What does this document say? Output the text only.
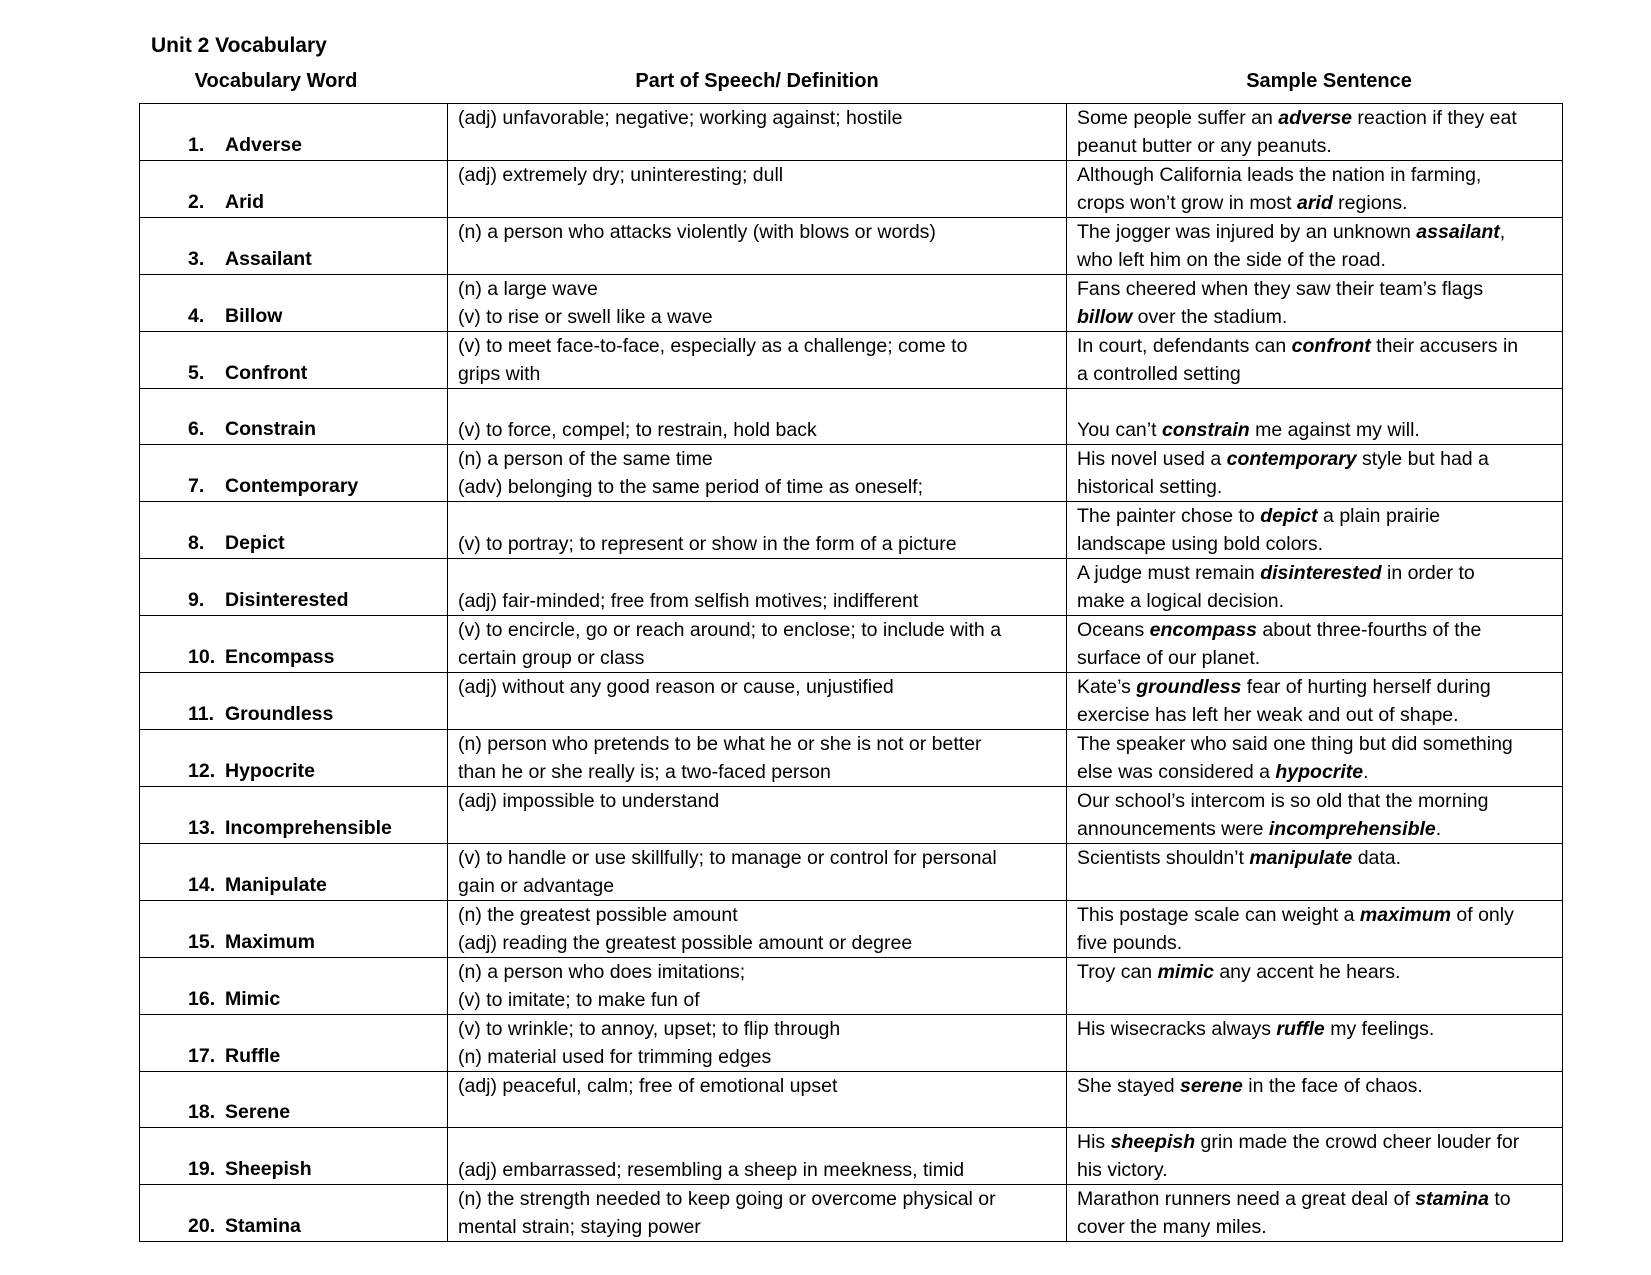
Unit 2 Vocabulary
Vocabulary Word	Part of Speech/ Definition	Sample Sentence
1. Adverse	(adj) unfavorable; negative; working against; hostile	Some people suffer an adverse reaction if they eat
peanut butter or any peanuts.

2. Arid	(adj) extremely dry; uninteresting; dull	Although California leads the nation in farming,
crops won’t grow in most arid regions.

3. Assailant	(n) a person who attacks violently (with blows or words)	The jogger was injured by an unknown assailant,
who left him on the side of the road.

4. Billow	(n) a large wave
(v) to rise or swell like a wave	Fans cheered when they saw their team’s flags
billow over the stadium.

5. Confront	(v) to meet face-to-face, especially as a challenge; come to
grips with	In court, defendants can confront their accusers in
a controlled setting

6. Constrain	(v) to force, compel; to restrain, hold back	You can’t constrain me against my will.

7. Contemporary	(n) a person of the same time
(adv) belonging to the same period of time as oneself;	His novel used a contemporary style but had a
historical setting.

8. Depict	(v) to portray; to represent or show in the form of a picture	The painter chose to depict a plain prairie
landscape using bold colors.

9. Disinterested	(adj) fair-minded; free from selfish motives; indifferent	A judge must remain disinterested in order to
make a logical decision.

10. Encompass	(v) to encircle, go or reach around; to enclose; to include with a
certain group or class	Oceans encompass about three-fourths of the
surface of our planet.

11. Groundless	(adj) without any good reason or cause, unjustified	Kate’s groundless fear of hurting herself during
exercise has left her weak and out of shape.

12. Hypocrite	(n) person who pretends to be what he or she is not or better
than he or she really is; a two-faced person	The speaker who said one thing but did something
else was considered a hypocrite.

13. Incomprehensible	(adj) impossible to understand	Our school’s intercom is so old that the morning
announcements were incomprehensible.

14. Manipulate	(v) to handle or use skillfully; to manage or control for personal
gain or advantage	Scientists shouldn’t manipulate data.

15. Maximum	(n) the greatest possible amount
(adj) reading the greatest possible amount or degree	This postage scale can weight a maximum of only
five pounds.

16. Mimic	(n) a person who does imitations;
(v) to imitate; to make fun of	Troy can mimic any accent he hears.

17. Ruffle	(v) to wrinkle; to annoy, upset; to flip through
(n) material used for trimming edges	His wisecracks always ruffle my feelings.

18. Serene	(adj) peaceful, calm; free of emotional upset	She stayed serene in the face of chaos.

19. Sheepish	(adj) embarrassed; resembling a sheep in meekness, timid	His sheepish grin made the crowd cheer louder for
his victory.

20. Stamina	(n) the strength needed to keep going or overcome physical or
mental strain; staying power	Marathon runners need a great deal of stamina to
cover the many miles.
